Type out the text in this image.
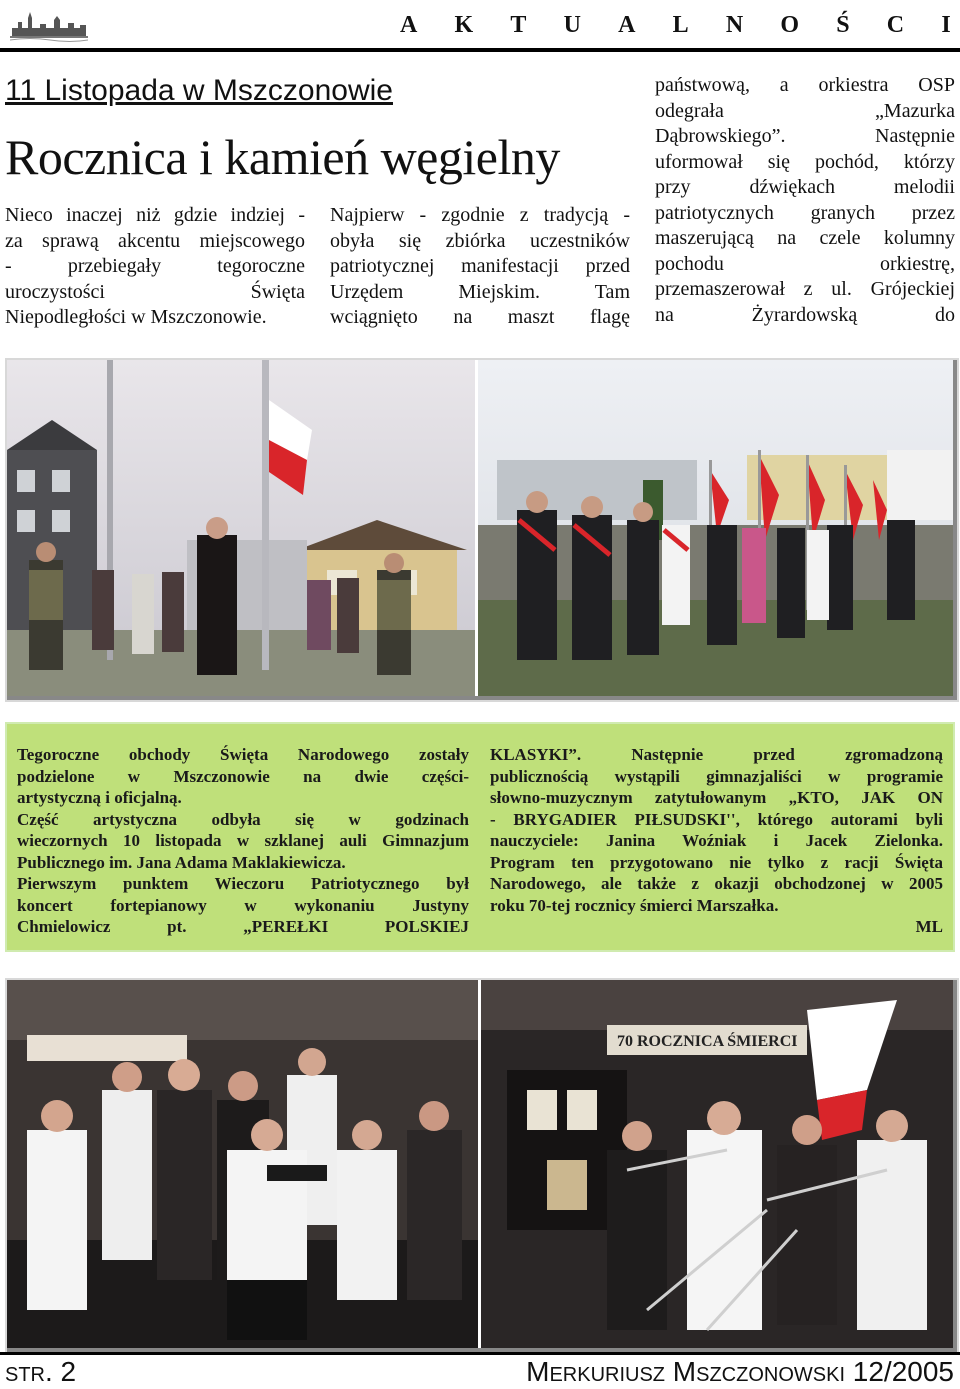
A K T U A L N O Ś C I
11 Listopada w Mszczonowie
Rocznica i kamień węgielny
Nieco inaczej niż gdzie indziej -
za sprawą akcentu miejscowego
- przebiegały tegoroczne
uroczystości Święta
Niepodległości w Mszczonowie.
Najpierw - zgodnie z tradycją -
obyła się zbiórka uczestników
patriotycznej manifestacji przed
Urzędem Miejskim. Tam
wciągnięto na maszt flagę
państwową, a orkiestra OSP
odegrała „Mazurka
Dąbrowskiego”. Następnie
uformował się pochód, którzy
przy dźwiękach melodii
patriotycznych granych przez
maszerującą na czele kolumny
pochodu orkiestrę,
przemaszerował z ul. Grójeckiej
na Żyrardowską do
Tegoroczne obchody Święta Narodowego zostały
podzielone w Mszczonowie na dwie części-
artystyczną i oficjalną.
Część artystyczna odbyła się w godzinach
wieczornych 10 listopada w szklanej auli Gimnazjum
Publicznego im. Jana Adama Maklakiewicza.
Pierwszym punktem Wieczoru Patriotycznego był
koncert fortepianowy w wykonaniu Justyny
Chmielowicz pt. „PEREŁKI POLSKIEJ
KLASYKI”. Następnie przed zgromadzoną
publicznością wystąpili gimnazjaliści w programie
słowno-muzycznym zatytułowanym „KTO, JAK ON
- BRYGADIER PIŁSUDSKI'', którego autorami byli
nauczyciele: Janina Woźniak i Jacek Zielonka.
Program ten przygotowano nie tylko z racji Święta
Narodowego, ale także z okazji obchodzonej w 2005
roku 70-tej rocznicy śmierci Marszałka.
ML
70 ROCZNICA ŚMIERCI
str. 2	Merkuriusz Mszczonowski 12/2005
